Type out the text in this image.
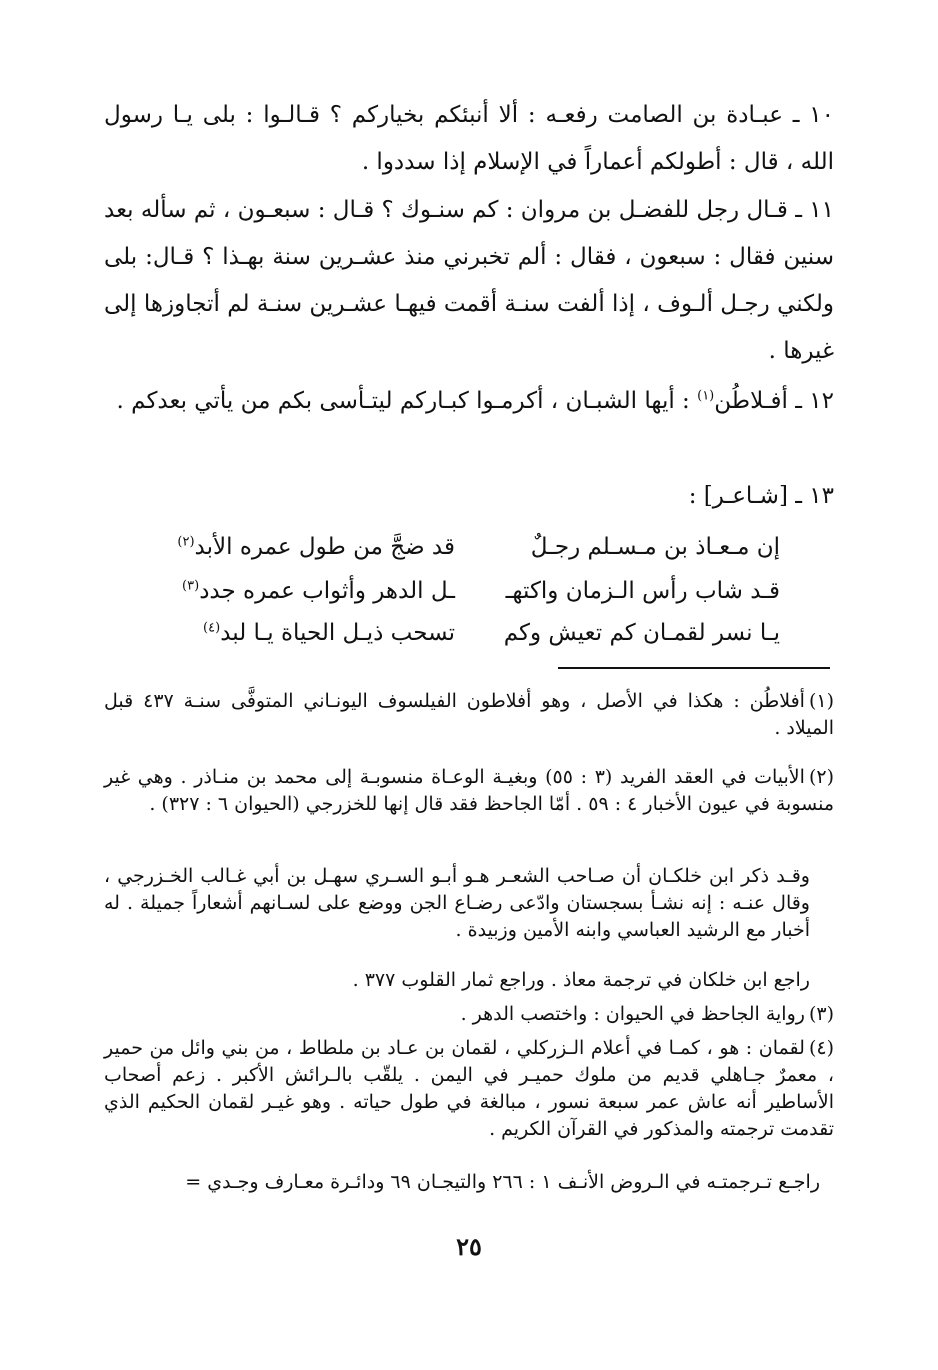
١٠ ـ عبـادة بن الصامت رفعـه : ألا أنبئكم بخياركم ؟ قـالـوا : بلى يـا رسول الله ، قال : أطولكم أعماراً في الإسلام إذا سددوا .

١١ ـ قـال رجل للفضـل بن مروان : كم سنـوك ؟ قـال : سبعـون ، ثم سأله بعد سنين فقال : سبعون ، فقال : ألم تخبرني منذ عشـرين سنة بهـذا ؟ قـال: بلى ولكني رجـل ألـوف ، إذا ألفت سنـة أقمت فيهـا عشـرين سنـة لم أتجاوزها إلى غيرها .

١٢ ـ أفـلاطُن$^{(١)}$ : أيها الشبـان ، أكرمـوا كبـاركم ليتـأسى بكم من يأتي بعدكم .

١٣ ـ [شـاعـر] :

إن مـعـاذ بن مـسـلم رجـلٌ

قد ضجَّ من طول عمره الأبد$^{(٢)}$

قـد شاب رأس الـزمان واكتهـ

ـل الدهر وأثواب عمره جدد$^{(٣)}$

يـا نسر لقمـان كم تعيش وكم

تسحب ذيـل الحياة يـا لبد$^{(٤)}$

(١)أفلاطُن : هكذا في الأصل ، وهو أفلاطون الفيلسوف اليونـاني المتوفَّى سنـة ٤٣٧ قبل الميلاد .

(٢)الأبيات في العقد الفريد (٣ : ٥٥) وبغيـة الوعـاة منسوبـة إلى محمد بن منـاذر . وهي غير منسوبة في عيون الأخبار ٤ : ٥٩ . أمّا الجاحظ فقد قال إنها للخزرجي (الحيوان ٦ : ٣٢٧) .

وقـد ذكر ابن خلكـان أن صـاحب الشعـر هـو أبـو السـري سهـل بن أبي غـالب الخـزرجي ، وقال عنـه : إنه نشـأ بسجستان وادّعى رضـاع الجن ووضع على لسـانهم أشعاراً جميلة . له أخبار مع الرشيد العباسي وابنه الأمين وزبيدة .

راجع ابن خلكان في ترجمة معاذ . وراجع ثمار القلوب ٣٧٧ .

(٣)رواية الجاحظ في الحيوان : واختصب الدهر .

(٤)لقمان : هو ، كمـا في أعلام الـزركلي ، لقمان بن عـاد بن ملطاط ، من بني وائل من حمير ، معمرٌ جـاهلي قديم من ملوك حميـر في اليمن . يلقّب بالـرائش الأكبر . زعم أصحاب الأساطير أنه عاش عمر سبعة نسور ، مبالغة في طول حياته . وهو غيـر لقمان الحكيم الذي تقدمت ترجمته والمذكور في القرآن الكريم .

راجـع تـرجمتـه في الـروض الأنـف ١ : ٢٦٦ والتيجـان ٦٩ ودائـرة معـارف وجـدي =

٢٥
